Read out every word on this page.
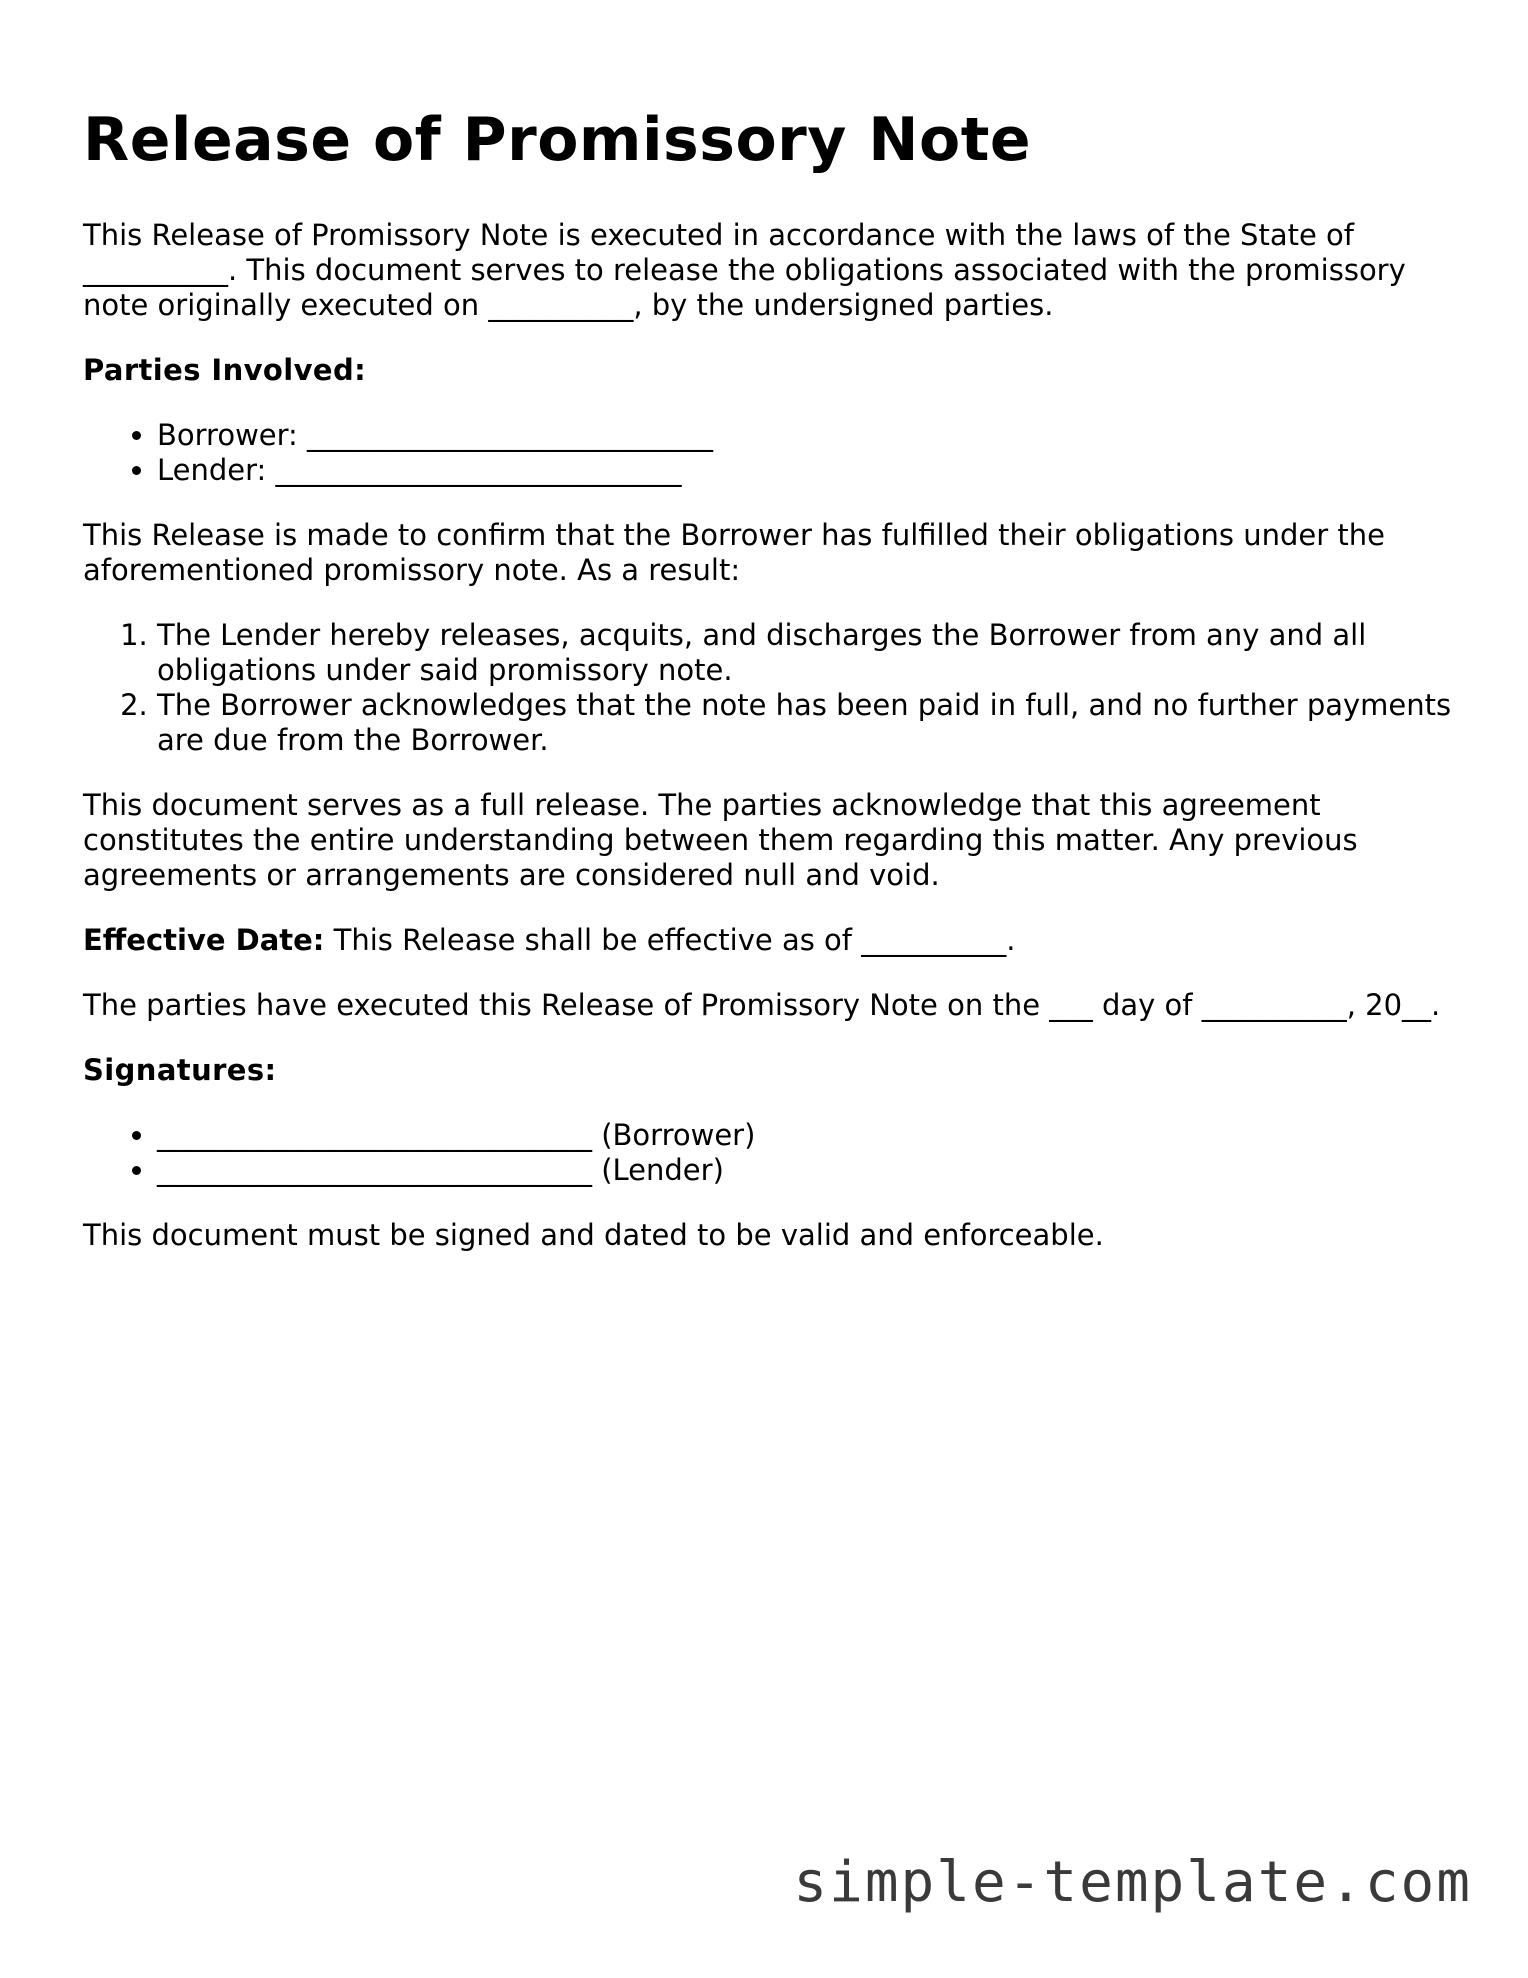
Release of Promissory Note

This Release of Promissory Note is executed in accordance with the laws of the State of __________. This document serves to release the obligations associated with the promissory note originally executed on __________, by the undersigned parties.

Parties Involved:

• Borrower: ____________________________
• Lender: ____________________________

This Release is made to confirm that the Borrower has fulfilled their obligations under the aforementioned promissory note. As a result:

1. The Lender hereby releases, acquits, and discharges the Borrower from any and all obligations under said promissory note.
2. The Borrower acknowledges that the note has been paid in full, and no further payments are due from the Borrower.

This document serves as a full release. The parties acknowledge that this agreement constitutes the entire understanding between them regarding this matter. Any previous agreements or arrangements are considered null and void.

Effective Date: This Release shall be effective as of __________.

The parties have executed this Release of Promissory Note on the ___ day of __________, 20__.

Signatures:

• ______________________________ (Borrower)
• ______________________________ (Lender)

This document must be signed and dated to be valid and enforceable.

simple-template.com
